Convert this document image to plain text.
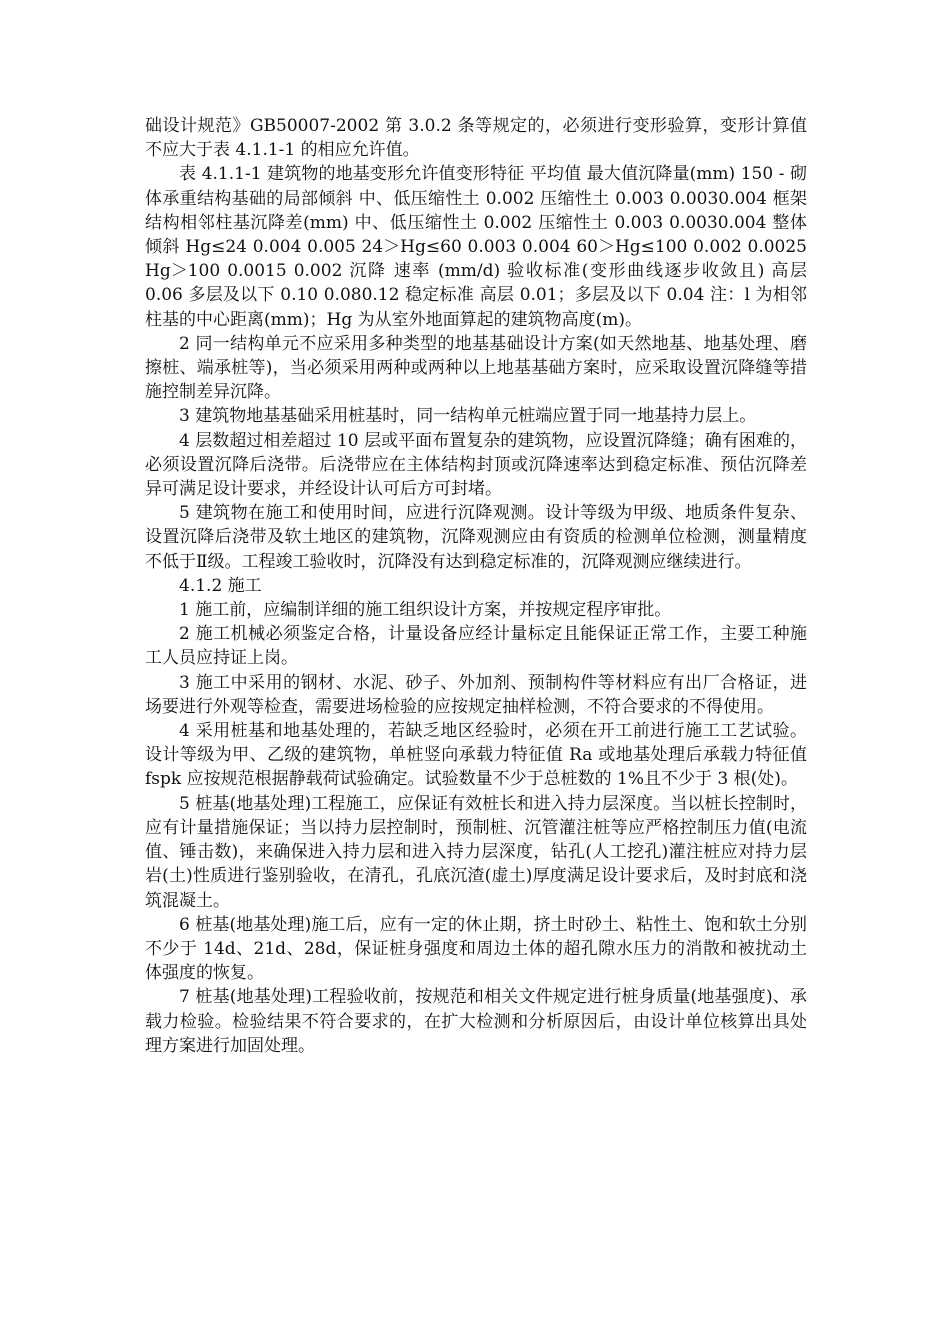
础设计规范》GB50007-2002 第 3.0.2 条等规定的，必须进行变形验算，变形计算值不应大于表 4.1.1-1 的相应允许值。

表 4.1.1-1 建筑物的地基变形允许值变形特征 平均值 最大值沉降量(mm) 150 - 砌体承重结构基础的局部倾斜 中、低压缩性土 0.002 压缩性土 0.003 0.0030.004 框架结构相邻柱基沉降差(mm) 中、低压缩性土 0.002 压缩性土 0.003 0.0030.004 整体 倾斜 Hg≤24 0.004 0.005 24＞Hg≤60 0.003 0.004 60＞Hg≤100 0.002 0.0025 Hg＞100 0.0015 0.002 沉降 速率 (mm/d) 验收标准(变形曲线逐步收敛且) 高层 0.06 多层及以下 0.10 0.080.12 稳定标准 高层 0.01；多层及以下 0.04 注：l 为相邻柱基的中心距离(mm)；Hg 为从室外地面算起的建筑物高度(m)。

2 同一结构单元不应采用多种类型的地基基础设计方案(如天然地基、地基处理、磨擦桩、端承桩等)，当必须采用两种或两种以上地基基础方案时，应采取设置沉降缝等措施控制差异沉降。

3 建筑物地基基础采用桩基时，同一结构单元桩端应置于同一地基持力层上。

4 层数超过相差超过 10 层或平面布置复杂的建筑物，应设置沉降缝；确有困难的，必须设置沉降后浇带。后浇带应在主体结构封顶或沉降速率达到稳定标准、预估沉降差异可满足设计要求，并经设计认可后方可封堵。

5 建筑物在施工和使用时间，应进行沉降观测。设计等级为甲级、地质条件复杂、设置沉降后浇带及软土地区的建筑物，沉降观测应由有资质的检测单位检测，测量精度不低于Ⅱ级。工程竣工验收时，沉降没有达到稳定标准的，沉降观测应继续进行。

4.1.2 施工

1 施工前，应编制详细的施工组织设计方案，并按规定程序审批。

2 施工机械必须鉴定合格，计量设备应经计量标定且能保证正常工作，主要工种施工人员应持证上岗。

3 施工中采用的钢材、水泥、砂子、外加剂、预制构件等材料应有出厂合格证，进场要进行外观等检查，需要进场检验的应按规定抽样检测，不符合要求的不得使用。

4 采用桩基和地基处理的，若缺乏地区经验时，必须在开工前进行施工工艺试验。设计等级为甲、乙级的建筑物，单桩竖向承载力特征值 Ra 或地基处理后承载力特征值 fspk 应按规范根据静载荷试验确定。试验数量不少于总桩数的 1%且不少于 3 根(处)。

5 桩基(地基处理)工程施工，应保证有效桩长和进入持力层深度。当以桩长控制时，应有计量措施保证；当以持力层控制时，预制桩、沉管灌注桩等应严格控制压力值(电流值、锤击数)，来确保进入持力层和进入持力层深度，钻孔(人工挖孔)灌注桩应对持力层岩(土)性质进行鉴别验收，在清孔，孔底沉渣(虚土)厚度满足设计要求后，及时封底和浇筑混凝土。

6 桩基(地基处理)施工后，应有一定的休止期，挤土时砂土、粘性土、饱和软土分别不少于 14d、21d、28d，保证桩身强度和周边土体的超孔隙水压力的消散和被扰动土体强度的恢复。

7 桩基(地基处理)工程验收前，按规范和相关文件规定进行桩身质量(地基强度)、承载力检验。检验结果不符合要求的，在扩大检测和分析原因后，由设计单位核算出具处理方案进行加固处理。
